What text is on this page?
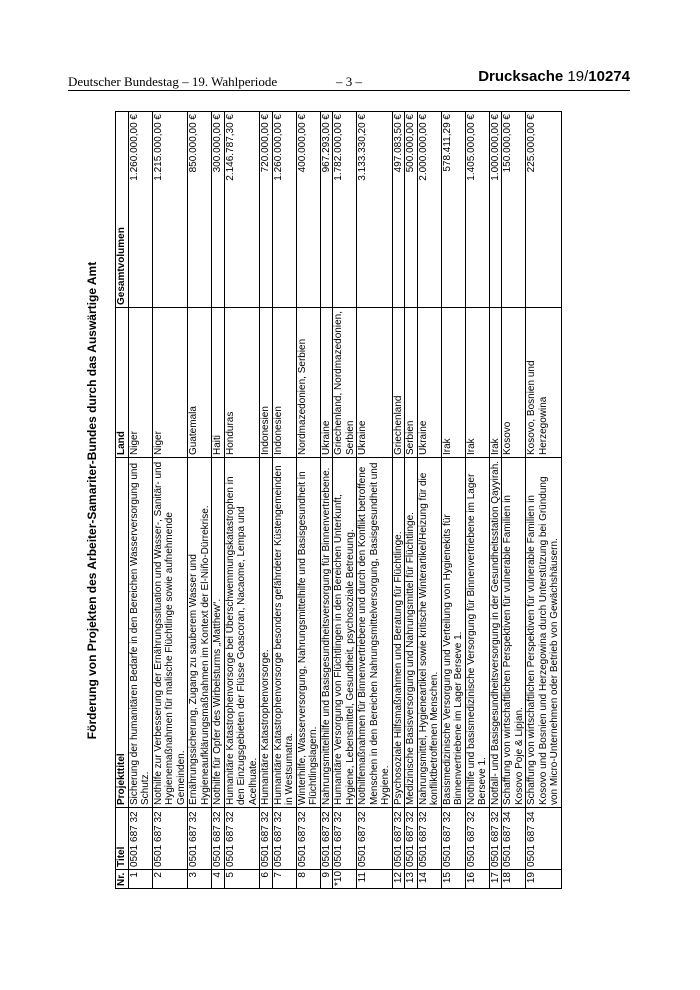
Deutscher Bundestag – 19. Wahlperiode	– 3 –	Drucksache 19/10274
Förderung von Projekten des Arbeiter-Samariter-Bundes durch das Auswärtige Amt
Nr.	Titel	Projekttitel	Land	Gesamtvolumen
1	0501 687 32	Sicherung der humanitären Bedarfe in den Bereichen Wasserversorgung und Schutz.	Niger	1.260.000,00 €
2	0501 687 32	Nothilfe zur Verbesserung der Ernährungssituation und Wasser-, Sanitär- und Hygienemaßnahmen für malische Flüchtlinge sowie aufnehmende Gemeinden.	Niger	1.215.000,00 €
3	0501 687 32	Ernährungssicherung, Zugang zu sauberem Wasser und Hygieneaufklärungsmaßnahmen im Kontext der El-Niño-Dürrekrise.	Guatemala	850.000,00 €
4	0501 687 32	Nothilfe für Opfer des Wirbelsturms „Matthew“.	Haiti	300.000,00 €
5	0501 687 32	Humanitäre Katastrophenvorsorge bei Überschwemmungskatastrophen in den Einzugsgebieten der Flüsse Goascoran, Nacaome, Lempa und Acelhuate.	Honduras	2.146.787,30 €
6	0501 687 32	Humanitäre Katastrophenvorsorge.	Indonesien	720.000,00 €
7	0501 687 32	Humanitäre Katastrophenvorsorge besonders gefährdeter Küstengemeinden in Westsumatra.	Indonesien	1.260.000,00 €
8	0501 687 32	Winterhilfe, Wasserversorgung, Nahrungsmittelhilfe und Basisgesundheit in Flüchtlingslagern.	Nordmazedonien, Serbien	400.000,00 €
9	0501 687 32	Nahrungsmittelhilfe und Basisgesundheitsversorgung für Binnenvertriebene.	Ukraine	967.293,00 €
*10	0501 687 32	Humanitäre Versorgung von Flüchtlingen in den Bereichen Unterkunft, Hygiene, Lebensmittel, Gesundheit, psychosoziale Betreuung.	Griechenland, Nordmazedonien, Serbien	1.782.000,00 €
11	0501 687 32	Nothilfemaßnahmen für Binnenvertriebene und durch den Konflikt betroffene Menschen in den Bereichen Nahrungsmittelversorgung, Basisgesundheit und Hygiene.	Ukraine	3.133.330,20 €
12	0501 687 32	Psychosoziale Hilfsmaßnahmen und Beratung für Flüchtlinge.	Griechenland	497.083,50 €
13	0501 687 32	Medizinische Basisversorgung und Nahrungsmittel für Flüchtlinge.	Serbien	500.000,00 €
14	0501 687 32	Nahrungsmittel, Hygieneartikel sowie kritische Winterartikel/Heizung für die konfliktbetroffenen Menschen.	Ukraine	2.000.000,00 €
15	0501 687 32	Basismedizinische Versorgung und Verteilung von Hygienekits für Binnenvertriebene im Lager Berseve 1.	Irak	578.411,29 €
16	0501 687 32	Nothilfe und basismedizinische Versorgung für Binnenvertriebene im Lager Berseve 1.	Irak	1.405.000,00 €
17	0501 687 32	Notfall- und Basisgesundheitsversorgung in der Gesundheitsstation Qayyirah.	Irak	1.000.000,00 €
18	0501 687 34	Schaffung von wirtschaftlichen Perspektiven für vulnerable Familien in Kosovo Poje & Lipjan.	Kosovo	150.000,00 €
19	0501 687 34	Schaffung von wirtschaftlichen Perspektiven für vulnerable Familien in Kosovo und Bosnien und Herzegowina durch Unterstützung bei Gründung von Micro-Unternehmen oder Betrieb von Gewächshäusern.	Kosovo, Bosnien und Herzegowina	225.000,00 €
